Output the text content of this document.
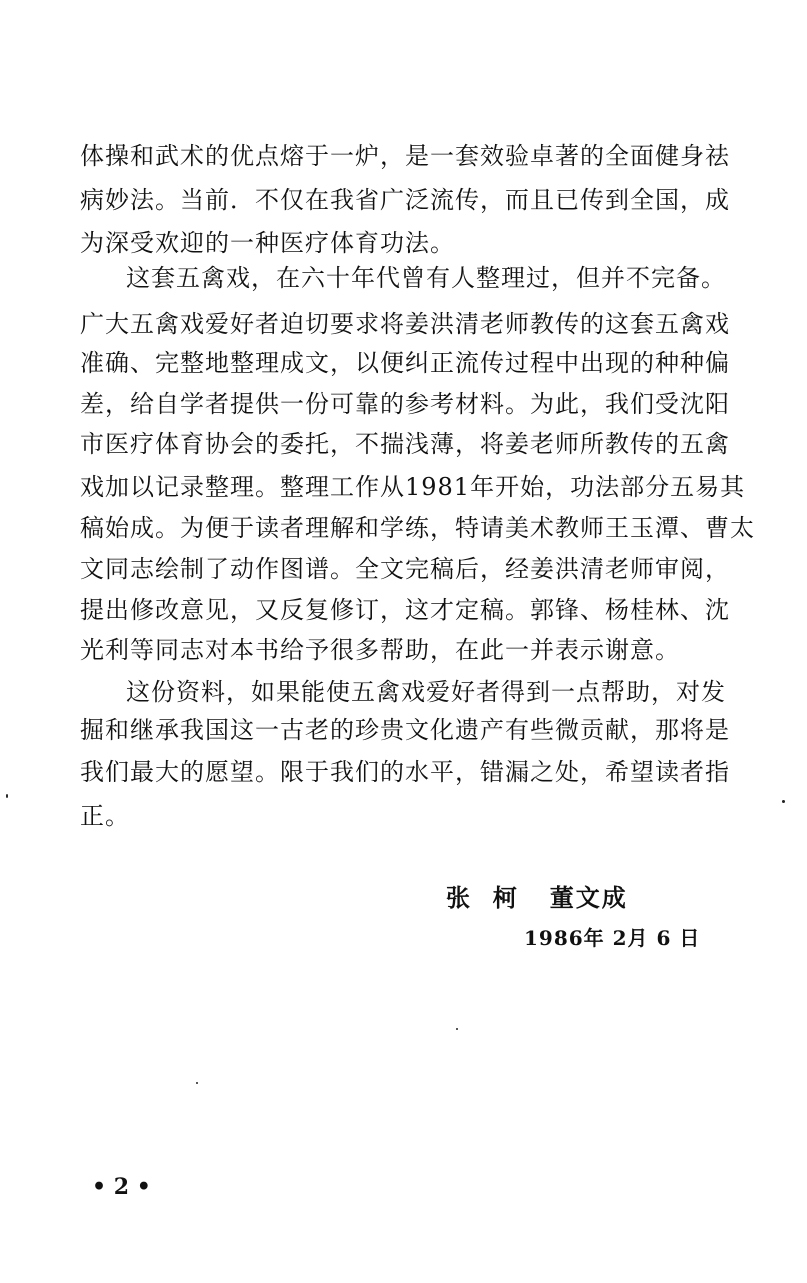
体操和武术的优点熔于一炉，是一套效验卓著的全面健身祛
病妙法。当前．不仅在我省广泛流传，而且已传到全国，成
为深受欢迎的一种医疗体育功法。
这套五禽戏，在六十年代曾有人整理过，但并不完备。
广大五禽戏爱好者迫切要求将姜洪清老师教传的这套五禽戏
准确、完整地整理成文，以便纠正流传过程中出现的种种偏
差，给自学者提供一份可靠的参考材料。为此，我们受沈阳
市医疗体育协会的委托，不揣浅薄，将姜老师所教传的五禽
戏加以记录整理。整理工作从1981年开始，功法部分五易其
稿始成。为便于读者理解和学练，特请美术教师王玉潭、曹太
文同志绘制了动作图谱。全文完稿后，经姜洪清老师审阅，
提出修改意见，又反复修订，这才定稿。郭锋、杨桂林、沈
光利等同志对本书给予很多帮助，在此一并表示谢意。
这份资料，如果能使五禽戏爱好者得到一点帮助，对发
掘和继承我国这一古老的珍贵文化遗产有些微贡献，那将是
我们最大的愿望。限于我们的水平，错漏之处，希望读者指
正。
张  柯   董文成
1986年 2月 6 日
• 2 •
